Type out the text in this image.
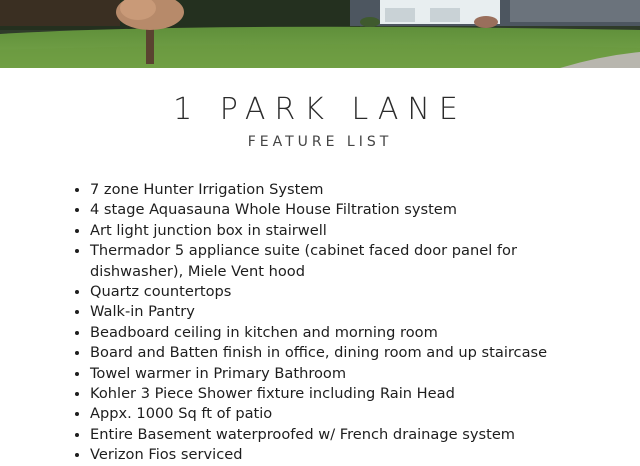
1 PARK LANE
FEATURE LIST
• 7 zone Hunter Irrigation System
• 4 stage Aquasauna Whole House Filtration system
• Art light junction box in stairwell
• Thermador 5 appliance suite (cabinet faced door panel for dishwasher), Miele Vent hood
• Quartz countertops
• Walk-in Pantry
• Beadboard ceiling in kitchen and morning room
• Board and Batten finish in office, dining room and up staircase
• Towel warmer in Primary Bathroom
• Kohler 3 Piece Shower fixture including Rain Head
• Appx. 1000 Sq ft of patio
• Entire Basement waterproofed w/ French drainage system
• Verizon Fios serviced
